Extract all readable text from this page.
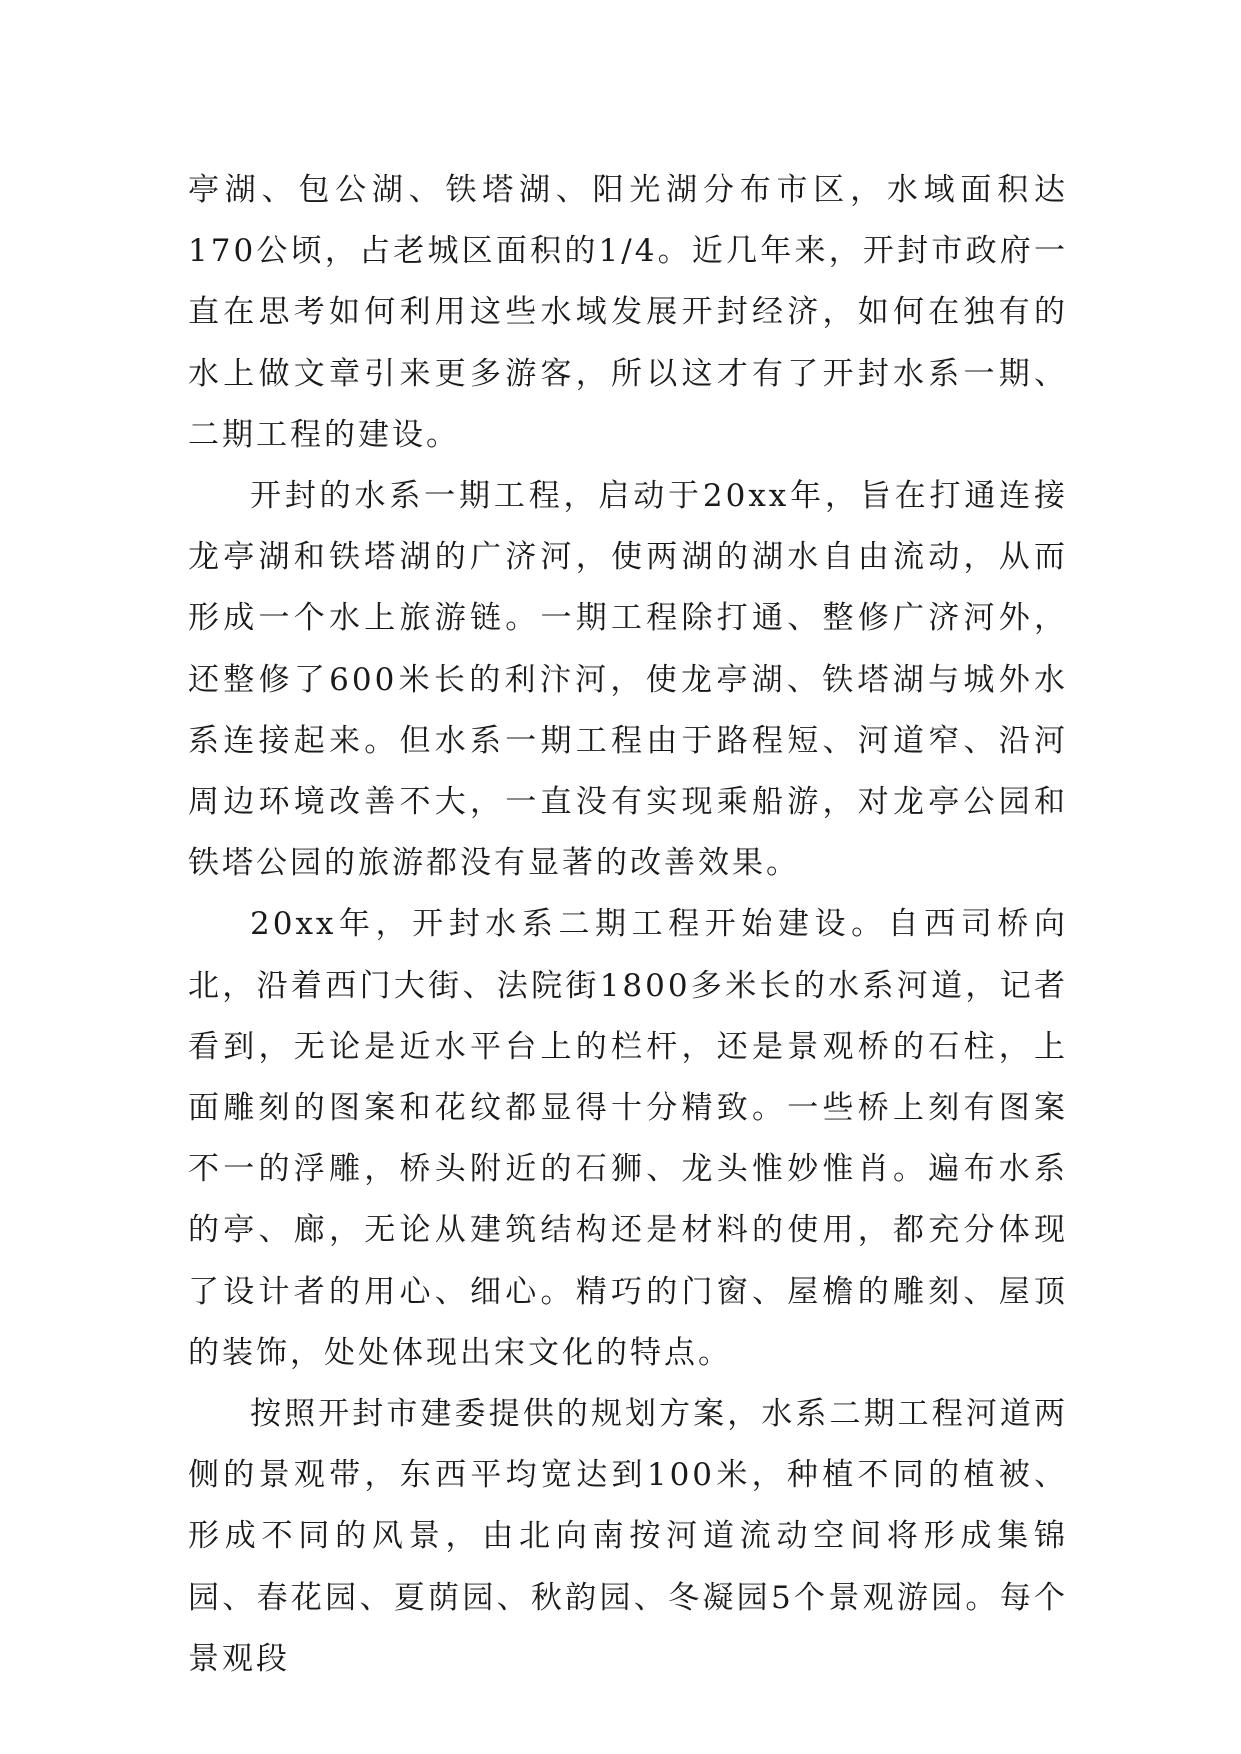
亭湖、包公湖、铁塔湖、阳光湖分布市区，水域面积达170公顷，占老城区面积的1/4。近几年来，开封市政府一直在思考如何利用这些水域发展开封经济，如何在独有的水上做文章引来更多游客，所以这才有了开封水系一期、二期工程的建设。

开封的水系一期工程，启动于20xx年，旨在打通连接龙亭湖和铁塔湖的广济河，使两湖的湖水自由流动，从而形成一个水上旅游链。一期工程除打通、整修广济河外，还整修了600米长的利汴河，使龙亭湖、铁塔湖与城外水系连接起来。但水系一期工程由于路程短、河道窄、沿河周边环境改善不大，一直没有实现乘船游，对龙亭公园和铁塔公园的旅游都没有显著的改善效果。

20xx年，开封水系二期工程开始建设。自西司桥向北，沿着西门大街、法院街1800多米长的水系河道，记者看到，无论是近水平台上的栏杆，还是景观桥的石柱，上面雕刻的图案和花纹都显得十分精致。一些桥上刻有图案不一的浮雕，桥头附近的石狮、龙头惟妙惟肖。遍布水系的亭、廊，无论从建筑结构还是材料的使用，都充分体现了设计者的用心、细心。精巧的门窗、屋檐的雕刻、屋顶的装饰，处处体现出宋文化的特点。

按照开封市建委提供的规划方案，水系二期工程河道两侧的景观带，东西平均宽达到100米，种植不同的植被、形成不同的风景，由北向南按河道流动空间将形成集锦园、春花园、夏荫园、秋韵园、冬凝园5个景观游园。每个景观段
